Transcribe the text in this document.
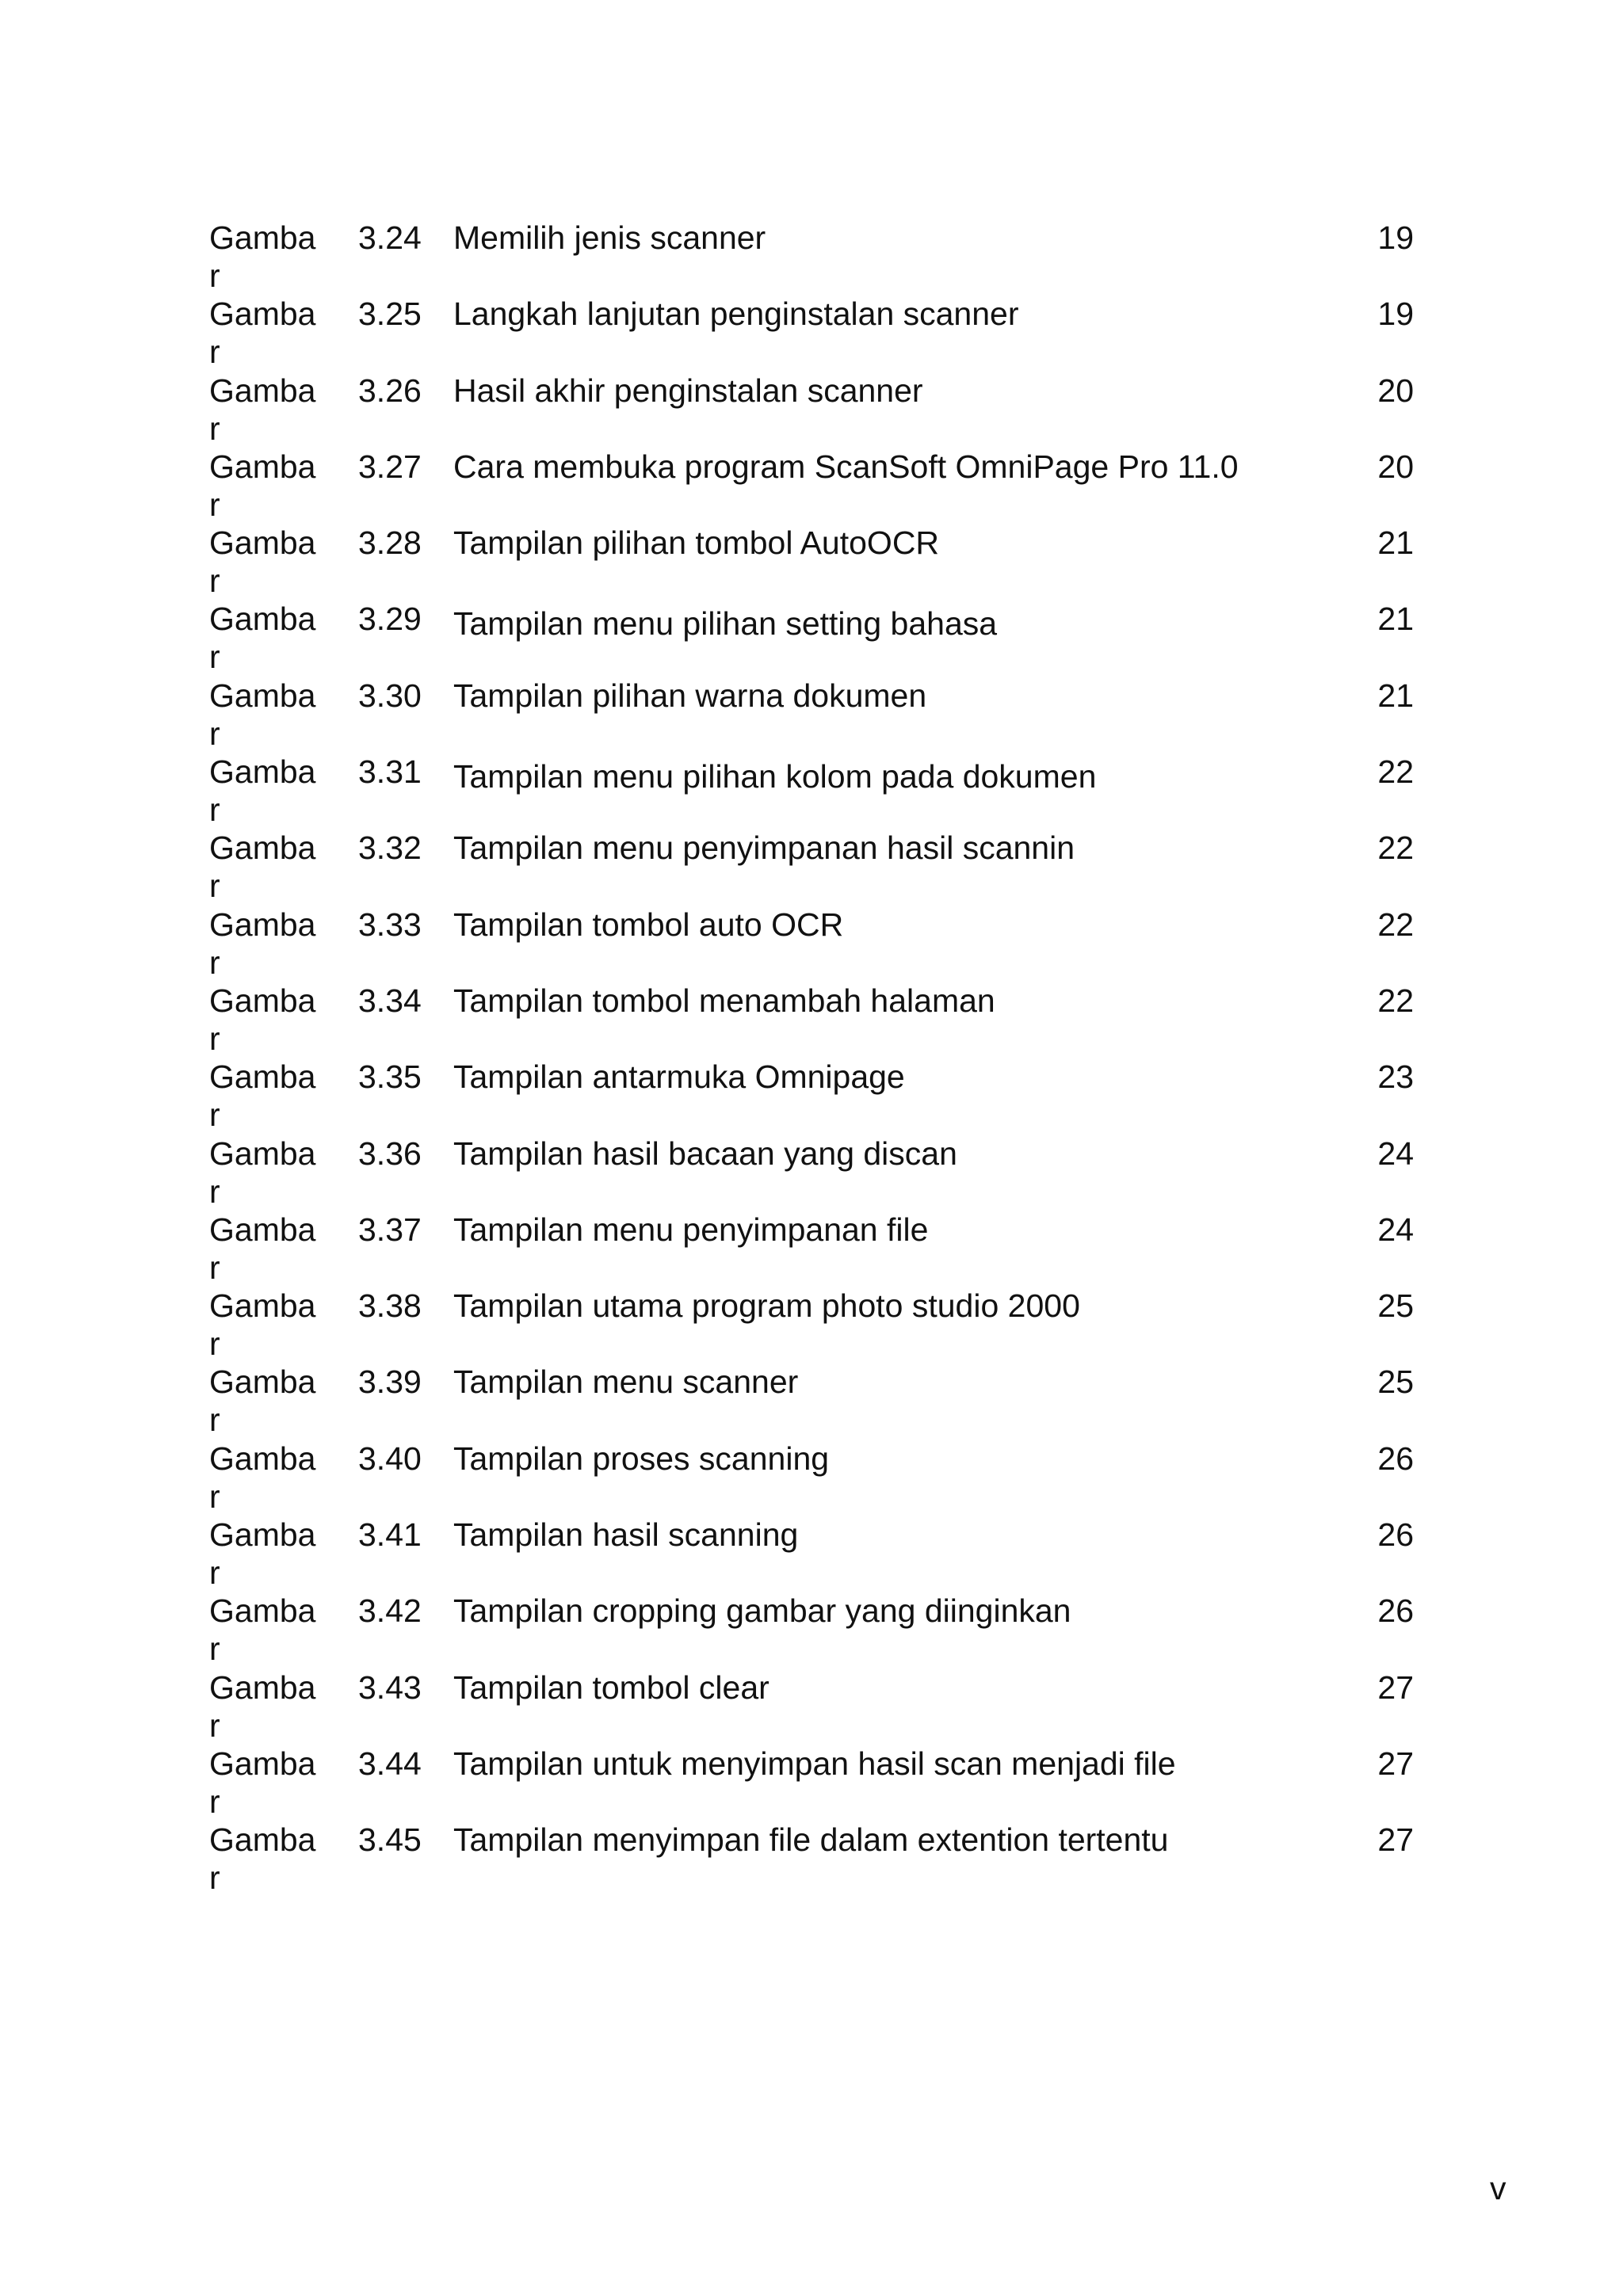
Gamba
r
3.24 Memilih jenis scanner	19
Gamba
r
3.25 Langkah lanjutan penginstalan scanner	19
Gamba
r
3.26 Hasil akhir penginstalan scanner	20
Gamba
r
3.27 Cara membuka program ScanSoft OmniPage Pro 11.0	20
Gamba
r
3.28 Tampilan pilihan tombol AutoOCR	21
Gamba
r
3.29 Tampilan menu pilihan setting bahasa	21
Gamba
r
3.30 Tampilan pilihan warna dokumen	21
Gamba
r
3.31 Tampilan menu pilihan kolom pada dokumen	22
Gamba
r
3.32 Tampilan menu penyimpanan hasil scannin	22
Gamba
r
3.33 Tampilan tombol auto OCR	22
Gamba
r
3.34 Tampilan tombol menambah halaman	22
Gamba
r
3.35 Tampilan antarmuka Omnipage	23
Gamba
r
3.36 Tampilan hasil bacaan yang discan	24
Gamba
r
3.37 Tampilan menu penyimpanan file	24
Gamba
r
3.38 Tampilan utama program photo studio 2000	25
Gamba
r
3.39 Tampilan menu scanner	25
Gamba
r
3.40 Tampilan proses scanning	26
Gamba
r
3.41 Tampilan hasil scanning	26
Gamba
r
3.42 Tampilan cropping gambar yang diinginkan	26
Gamba
r
3.43 Tampilan tombol clear	27
Gamba
r
3.44 Tampilan untuk menyimpan hasil scan menjadi file	27
Gamba
r
3.45 Tampilan menyimpan file dalam extention tertentu	27
v
